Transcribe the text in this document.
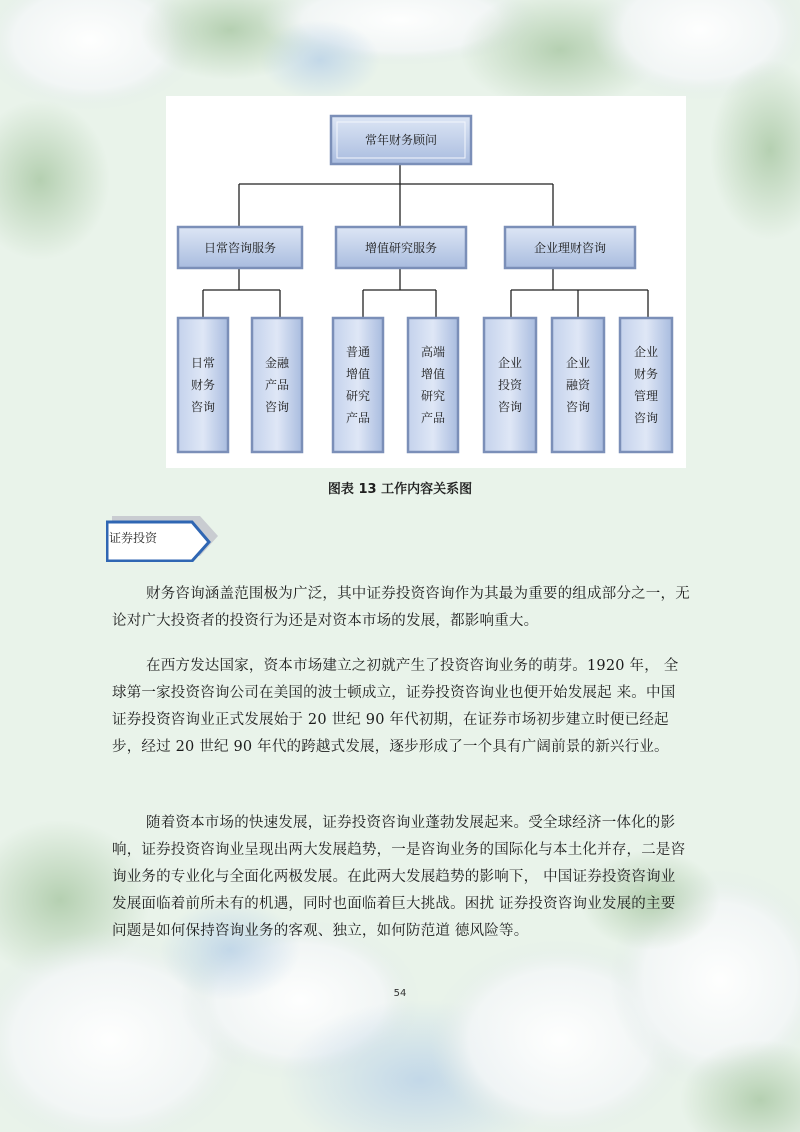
常年财务顾问
日常咨询服务	增值研究服务	企业理财咨询
日常财务咨询
金融产品咨询
普通增值研究产品
高端增值研究产品
企业投资咨询
企业融资咨询
企业财务管理咨询
图表 13 工作内容关系图
证券投资

财务咨询涵盖范围极为广泛，其中证券投资咨询作为其最为重要的组成部分之一，无论对广大投资者的投资行为还是对资本市场的发展，都影响重大。

在西方发达国家，资本市场建立之初就产生了投资咨询业务的萌芽。1920 年， 全球第一家投资咨询公司在美国的波士顿成立，证券投资咨询业也便开始发展起 来。中国证券投资咨询业正式发展始于 20 世纪 90 年代初期，在证券市场初步建立时便已经起步，经过 20 世纪 90 年代的跨越式发展，逐步形成了一个具有广阔前景的新兴行业。

随着资本市场的快速发展，证券投资咨询业蓬勃发展起来。受全球经济一体化的影响，证券投资咨询业呈现出两大发展趋势，一是咨询业务的国际化与本土化并存，二是咨询业务的专业化与全面化两极发展。在此两大发展趋势的影响下， 中国证券投资咨询业发展面临着前所未有的机遇，同时也面临着巨大挑战。困扰 证券投资咨询业发展的主要问题是如何保持咨询业务的客观、独立，如何防范道 德风险等。

54
